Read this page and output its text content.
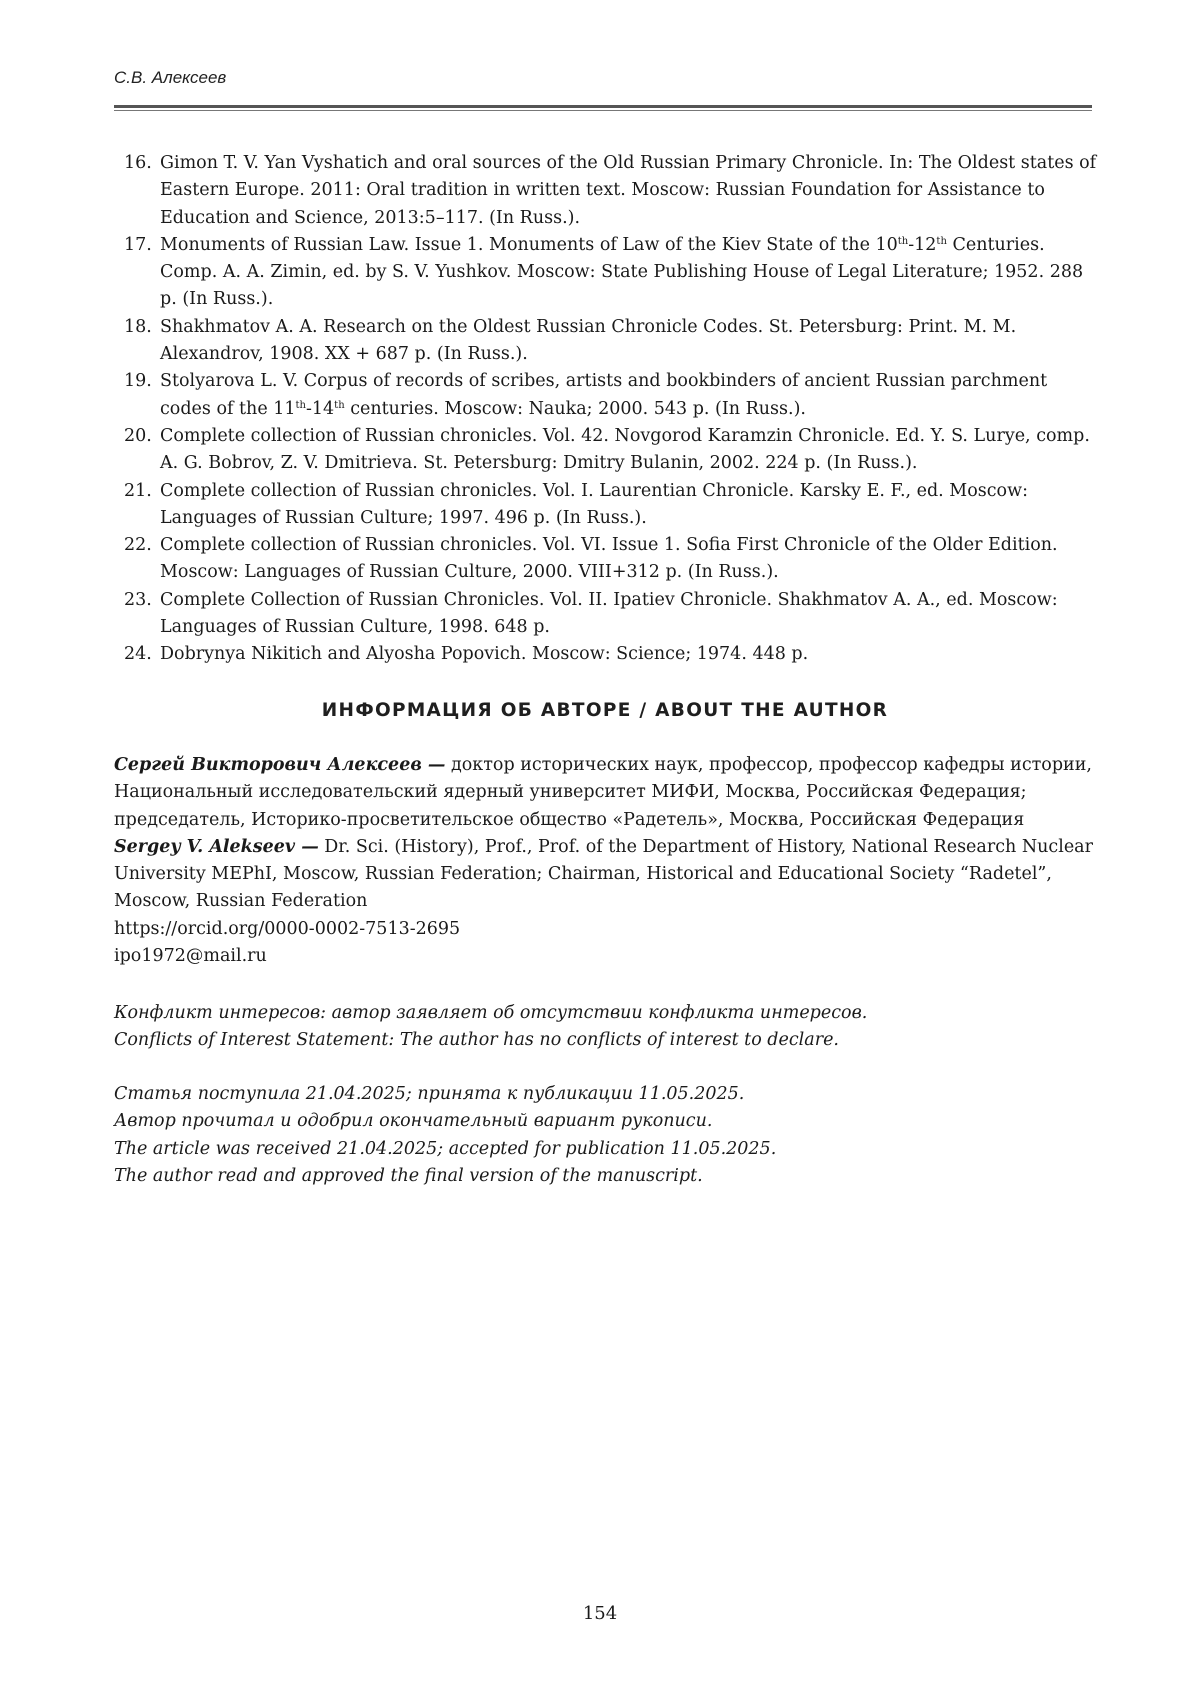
С.В. Алексеев
16. Gimon T. V. Yan Vyshatich and oral sources of the Old Russian Primary Chronicle. In: The Oldest states of Eastern Europe. 2011: Oral tradition in written text. Moscow: Russian Foundation for Assistance to Education and Science, 2013:5–117. (In Russ.).
17. Monuments of Russian Law. Issue 1. Monuments of Law of the Kiev State of the 10th-12th Centuries. Comp. A. A. Zimin, ed. by S. V. Yushkov. Moscow: State Publishing House of Legal Literature; 1952. 288 p. (In Russ.).
18. Shakhmatov A. A. Research on the Oldest Russian Chronicle Codes. St. Petersburg: Print. M. M. Alexandrov, 1908. XX + 687 p. (In Russ.).
19. Stolyarova L. V. Corpus of records of scribes, artists and bookbinders of ancient Russian parchment codes of the 11th-14th centuries. Moscow: Nauka; 2000. 543 p. (In Russ.).
20. Complete collection of Russian chronicles. Vol. 42. Novgorod Karamzin Chronicle. Ed. Y. S. Lurye, comp. A. G. Bobrov, Z. V. Dmitrieva. St. Petersburg: Dmitry Bulanin, 2002. 224 p. (In Russ.).
21. Complete collection of Russian chronicles. Vol. I. Laurentian Chronicle. Karsky E. F., ed. Moscow: Languages of Russian Culture; 1997. 496 p. (In Russ.).
22. Complete collection of Russian chronicles. Vol. VI. Issue 1. Sofia First Chronicle of the Older Edition. Moscow: Languages of Russian Culture, 2000. VIII+312 p. (In Russ.).
23. Complete Collection of Russian Chronicles. Vol. II. Ipatiev Chronicle. Shakhmatov A. A., ed. Moscow: Languages of Russian Culture, 1998. 648 p.
24. Dobrynya Nikitich and Alyosha Popovich. Moscow: Science; 1974. 448 p.
ИНФОРМАЦИЯ ОБ АВТОРЕ / ABOUT THE AUTHOR

Сергей Викторович Алексеев — доктор исторических наук, профессор, профессор кафедры истории, Национальный исследовательский ядерный университет МИФИ, Москва, Российская Федерация; председатель, Историко-просветительское общество «Радетель», Москва, Российская Федерация

Sergey V. Alekseev — Dr. Sci. (History), Prof., Prof. of the Department of History, National Research Nuclear University MEPhI, Moscow, Russian Federation; Chairman, Historical and Educational Society “Radetel”, Moscow, Russian Federation

https://orcid.org/0000-0002-7513-2695

ipo1972@mail.ru

Конфликт интересов: автор заявляет об отсутствии конфликта интересов.

Conflicts of Interest Statement: The author has no conflicts of interest to declare.

Статья поступила 21.04.2025; принята к публикации 11.05.2025.

Автор прочитал и одобрил окончательный вариант рукописи.

The article was received 21.04.2025; accepted for publication 11.05.2025.

The author read and approved the final version of the manuscript.

154
